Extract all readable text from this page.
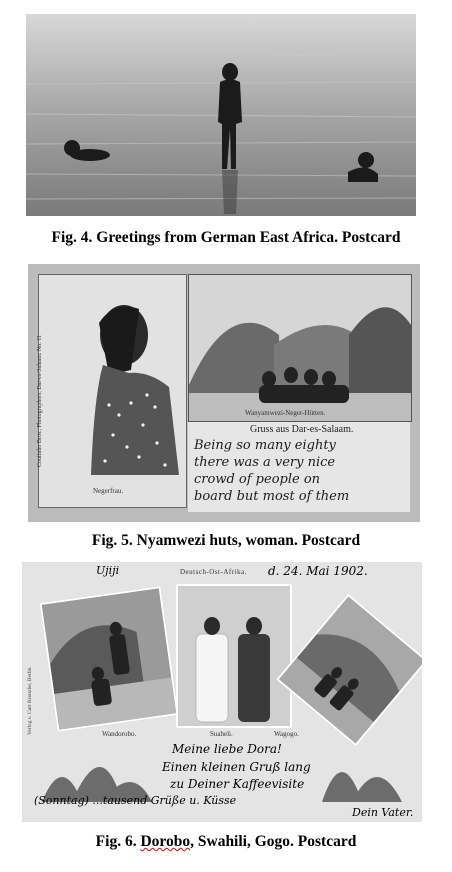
Fig. 4. Greetings from German East Africa. Postcard
Negerfrau.
Coutinho Bros., Photographers, Dar-es-Salaam. No. 11	Wanyamwezi-Neger-Hütten.
Gruss aus Dar-es-Salaam.
Being so many eighty
there was a very nice
crowd of people on
board but most of them
Fig. 5. Nyamwezi huts, woman. Postcard
Ujiji	Deutsch-Ost-Afrika. d. 24. Mai 1902.
Wandorobo.	Suaheli.	Wagogo.
Meine liebe Dora!
Einen kleinen Gruß lang
zu Deiner Kaffeevisite
(Sonntag) ...tausend Grüße u. Küsse
Dein Vater.
Verlag v. Curt Krenzler, Berlin
Fig. 6. Dorobo, Swahili, Gogo. Postcard
